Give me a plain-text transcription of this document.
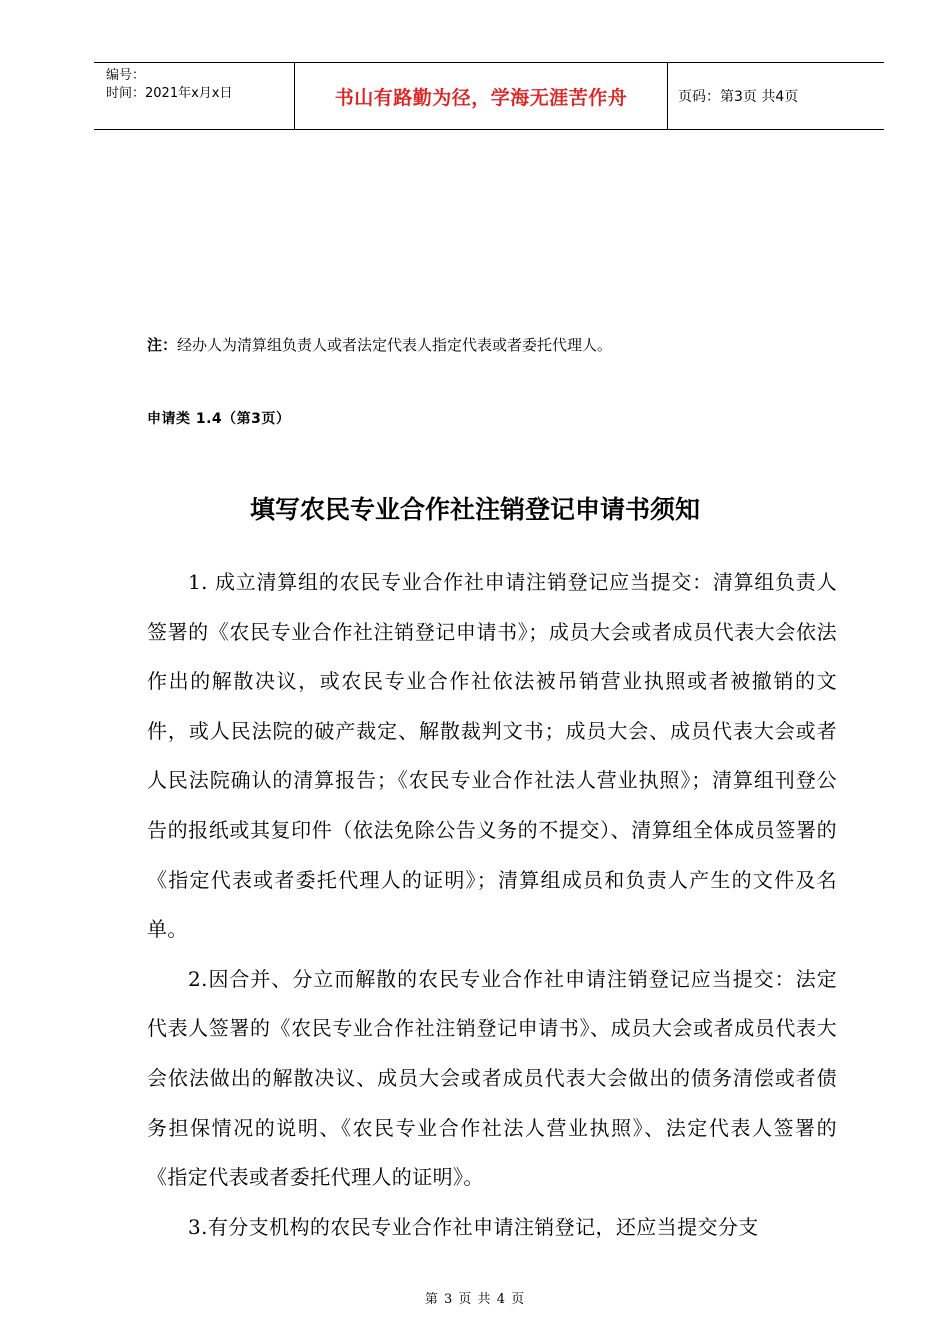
编号：
时间：2021年x月x日	书山有路勤为径，学海无涯苦作舟	页码：第3页 共4页
注：经办人为清算组负责人或者法定代表人指定代表或者委托代理人。
申请类 1.4（第3页）
填写农民专业合作社注销登记申请书须知

1. 成立清算组的农民专业合作社申请注销登记应当提交：清算组负责人签署的《农民专业合作社注销登记申请书》；成员大会或者成员代表大会依法作出的解散决议，或农民专业合作社依法被吊销营业执照或者被撤销的文件，或人民法院的破产裁定、解散裁判文书；成员大会、成员代表大会或者人民法院确认的清算报告；《农民专业合作社法人营业执照》；清算组刊登公告的报纸或其复印件（依法免除公告义务的不提交）、清算组全体成员签署的《指定代表或者委托代理人的证明》；清算组成员和负责人产生的文件及名单。

2.因合并、分立而解散的农民专业合作社申请注销登记应当提交：法定代表人签署的《农民专业合作社注销登记申请书》、成员大会或者成员代表大会依法做出的解散决议、成员大会或者成员代表大会做出的债务清偿或者债务担保情况的说明、《农民专业合作社法人营业执照》、法定代表人签署的《指定代表或者委托代理人的证明》。

3.有分支机构的农民专业合作社申请注销登记，还应当提交分支

第 3 页 共 4 页
